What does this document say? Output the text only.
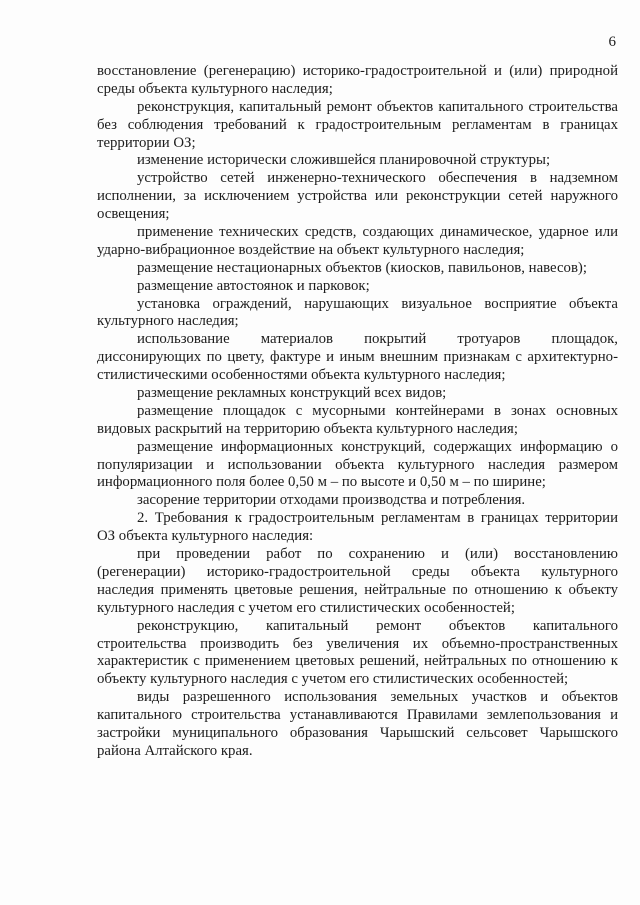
6
восстановление (регенерацию) историко-градостроительной и (или) природной
среды объекта культурного наследия;
реконструкция, капитальный ремонт объектов капитального строительства
без соблюдения требований к градостроительным регламентам в границах
территории ОЗ;
изменение исторически сложившейся планировочной структуры;
устройство сетей инженерно-технического обеспечения в надземном
исполнении, за исключением устройства или реконструкции сетей наружного
освещения;
применение технических средств, создающих динамическое, ударное или
ударно-вибрационное воздействие на объект культурного наследия;
размещение нестационарных объектов (киосков, павильонов, навесов);
размещение автостоянок и парковок;
установка ограждений, нарушающих визуальное восприятие объекта
культурного наследия;
использование материалов покрытий тротуаров площадок,
диссонирующих по цвету, фактуре и иным внешним признакам с архитектурно-
стилистическими особенностями объекта культурного наследия;
размещение рекламных конструкций всех видов;
размещение площадок с мусорными контейнерами в зонах основных
видовых раскрытий на территорию объекта культурного наследия;
размещение информационных конструкций, содержащих информацию о
популяризации и использовании объекта культурного наследия размером
информационного поля более 0,50 м – по высоте и 0,50 м – по ширине;
засорение территории отходами производства и потребления.
2. Требования к градостроительным регламентам в границах территории
ОЗ объекта культурного наследия:
при проведении работ по сохранению и (или) восстановлению
(регенерации) историко-градостроительной среды объекта культурного
наследия применять цветовые решения, нейтральные по отношению к объекту
культурного наследия с учетом его стилистических особенностей;
реконструкцию, капитальный ремонт объектов капитального
строительства производить без увеличения их объемно-пространственных
характеристик с применением цветовых решений, нейтральных по отношению к
объекту культурного наследия с учетом его стилистических особенностей;
виды разрешенного использования земельных участков и объектов
капитального строительства устанавливаются Правилами землепользования и
застройки муниципального образования Чарышский сельсовет Чарышского
района Алтайского края.
